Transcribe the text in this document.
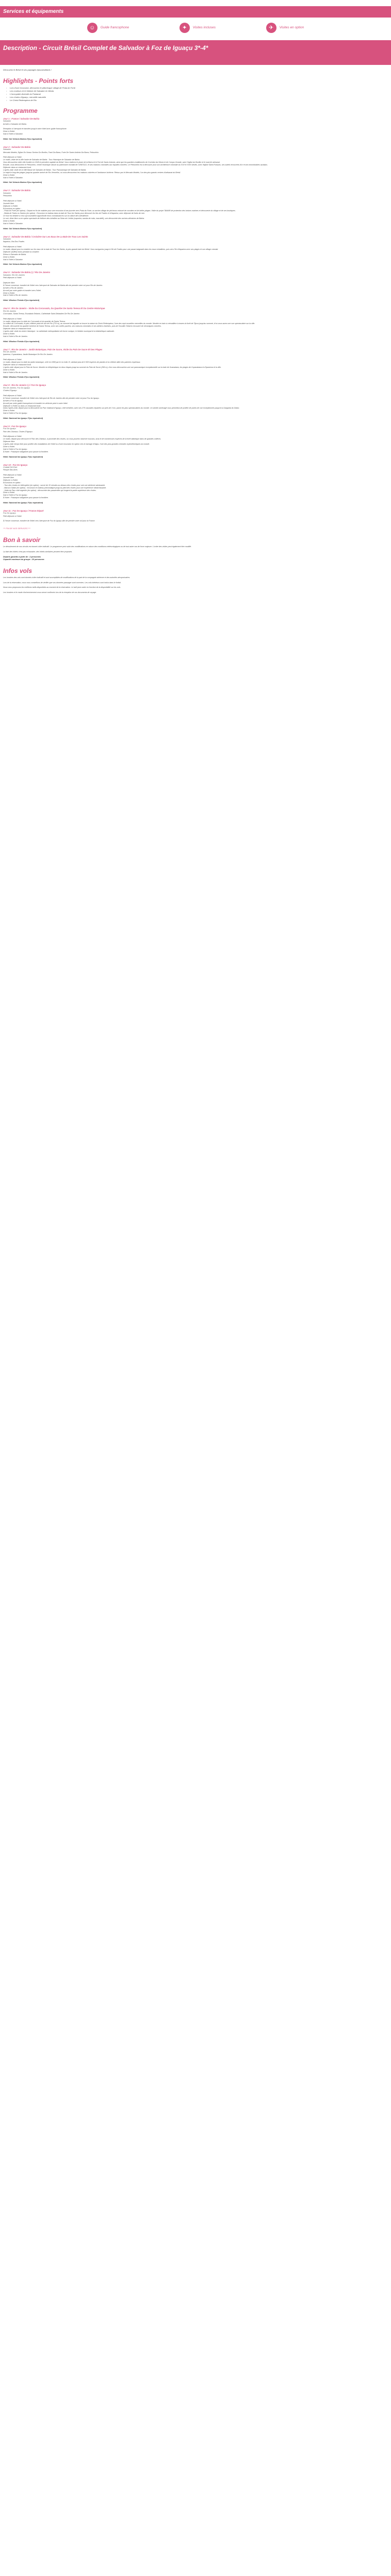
Services et équipements
☺	Guide francophone	✦	Visites incluses	✈	Visites en option
Description - Circuit Brésil Complet de Salvador à Foz de Iguaçu 3*-4*

Découvrez le Brésil et ses paysages époustouflants !

Highlights - Points forts
• Lors d'une excursion, découvrez le pittoresque village de Praia do Forte
• Les couleurs et le folklore de Salvador et Olinda
• L'incroyable diversité du Pantanal
• Les chutes d'Iguaçu, merveille naturelle
• Le Christ Rédempteur de Rio
Programme
Jour 1 : France / Salvador De Bahia
Salvador

Arrivée à Salvador de Bahia.

Réception à l'aéroport et transfert jusqu'à votre hôtel avec guide francophone.

Dîner à l'hôtel.

Nuit à l'hôtel à Salvador.

Hôtel: Sol Victoria Marina 4*(ou équivalent)
Jour 2 : Salvador De Bahia
Salvador

Mercado Modelo, Eglise Do Nosso Senhor Do Bonfim, Farol Da Barra, Forte De Santo Antônio Da Barra, Pelourinho

Petit déjeuner à l'hôtel.

Le matin, visite de la ville haute de Salvador de Bahia : Tour Historique de Salvador de Bahia.

Vous découvrirez cette ville fondée en 1549 et première capitale du Brésil. Vous visiterez le phare de la Barra et le Fort de Santo Antonio, ainsi que les quartiers traditionnels de Corredor da Vitoria et de Campo Grande, avec l'église du Bonfim et le marché artisanal.

Ensuite, vous découvrirez le Pelourinho, centre historique classé au patrimoine mondial de l'UNESCO, et ses maisons coloniales aux façades colorées. Le Pelourinho est à découvrir pour son architecture coloniale du XVII et XVIII siècles, avec l'église Saint-François, ses autels recouverts d'or et ses innombrables azulejos.

Déjeuner dans un restaurant local.

L'après-midi, visite de la Ville Basse de Salvador de Bahia : Tour Panoramique de Salvador de Bahia.

Le trajet le long des plages jusqu'au quartier animé de Rio Vermelho, où vous découvrirez les maisons colorées et l'ambiance bohème. Retour par le Mercado Modelo, l'un des plus grands centres d'artisanat du Brésil.

Dîner à l'hôtel.

Nuit à l'hôtel à Salvador.

Hôtel: Sol Victoria Marina 4*(ou équivalent)
Jour 3 : Salvador De Bahia
Salvador

Pelourinho

Petit déjeuner à l'hôtel.

Journée libre.

Déjeuner à l'hôtel.

Excursions en option :

- Praia do Forte (en option) : Départ en fin de matinée pour une excursion d'une journée vers Praia do Forte, un ancien village de pêcheurs entouré de cocotiers et de belles plages. Visite du projet TAMAR de protection des tortues marines et découverte du village et de ses boutiques.

- Bahia de Todos os Santos (en option) : Excursion en bateau dans la baie de Tous les Saints pour découvrir les îles de Frades et d'Itaparica, avec déjeuner de fruits de mer.

Ce tour est destiné à ceux qui souhaitent approfondir leurs connaissances sur la culture afro-brésilienne.

Le soir, dîner libre ou en option spectacle de folklore afro-brésilien au Solar do Unhão (capoeira, samba de roda, maculelê), une découverte des racines africaines de Bahia.

Dîner à l'hôtel.

Nuit à l'hôtel à Salvador.

Hôtel: Sol Victoria Marina 4*(ou équivalent)
Jour 4 : Salvador De Bahia / Croisière Sur Les Eaux De La Baie De Tous Les Saints
Salvador

Itaparica, Ilha Dos Frades

Petit déjeuner à l'hôtel.

Le matin, départ pour la croisière sur les eaux de la baie de Tous les Saints, la plus grande baie du Brésil. Vous naviguerez jusqu'à l'île de Frades pour une pause baignade dans les eaux cristallines, puis vers l'île d'Itaparica avec ses plages et son village colonial.

Déjeuner (buffet) inclus pendant la croisière.

Retour à Salvador de Bahia.

Dîner à l'hôtel.

Nuit à l'hôtel à Salvador.

Hôtel: Sol Victoria Marina 4*(ou équivalent)
Jour 5 : Salvador De Bahia (-) / Rio De Janeiro
Salvador, Rio De Janeiro

Petit déjeuner à l'hôtel.

Déjeuner libre.

À l'heure convenue, transfert de l'hôtel vers l'aéroport de Salvador de Bahia afin de prendre votre vol pour Rio de Janeiro.

Arrivée à Rio de Janeiro.

Accueil par votre guide et transfert vers l'hôtel.

Dîner à l'hôtel.

Nuit à l'hôtel à Rio de Janeiro.

Hôtel: Windsor Florida 4*(ou équivalent)
Jour 6 : Rio De Janeiro - Visite Du Corcovado, Du Quartier De Santa Teresa Et Du Centre Historique
Rio De Janeiro

Corcovado, Santa Teresa, Escadaria Selarón, Cathédrale Saint-Sébastien De Rio De Janeiro

Petit déjeuner à l'hôtel.

Le matin, départ pour la visite du Corcovado et du quartier de Santa Teresa.

La colline du Corcovado, le plus célèbre point de vue de Rio (710 m), au sommet de laquelle se trouve la statue du Christ Rédempteur, l'une des sept nouvelles merveilles du monde. Montée en train à crémaillère à travers la forêt de Tijuca jusqu'au sommet, d'où vous aurez une vue spectaculaire sur la ville.

Ensuite, découverte du quartier bohème de Santa Teresa, avec ses ruelles pavées, ses maisons coloniales et ses ateliers d'artistes, puis de l'escalier Selarón recouvert de céramiques colorées.

Déjeuner dans un restaurant local.

L'après-midi, visite du centre historique : la cathédrale métropolitaine de forme conique, le théâtre municipal et la bibliothèque nationale.

Dîner à l'hôtel.

Nuit à l'hôtel à Rio de Janeiro.

Hôtel: Windsor Florida 4*(ou équivalent)
Jour 7 : Rio De Janeiro - Jardin Botanique, Pain De Sucre, Visite Du Pain De Sucre Et Des Plages
Rio De Janeiro

Ipanema, Copacabana, Jardin Botanique De Rio De Janeiro

Petit déjeuner à l'hôtel.

Le matin, départ pour la visite du jardin botanique, créé en 1808 par le roi João VI, abritant plus de 6 500 espèces de plantes et la célèbre allée des palmiers impériaux.

Déjeuner dans un restaurant local.

L'après-midi, départ pour le Pain de Sucre. Montée en téléphérique en deux étapes jusqu'au sommet du Pain de Sucre (396 m), d'où vous découvrirez une vue panoramique exceptionnelle sur la baie de Guanabara, les plages de Copacabana et d'Ipanema et la ville.

Dîner à l'hôtel.

Nuit à l'hôtel à Rio de Janeiro.

Hôtel: Windsor Florida 4*(ou équivalent)
Jour 8 : Rio De Janeiro (-) / Foz Do Iguaçu
Rio De Janeiro, Foz Do Iguaçu

Chutes D'Iguaçu

Petit déjeuner à l'hôtel.

À l'heure convenue, transfert de l'hôtel vers l'aéroport de Rio de Janeiro afin de prendre votre vol pour Foz do Iguaçu.

Arrivée à Foz do Iguaçu.

Accueil par votre guide francophone et transfert en véhicule privé à votre hôtel.

Déjeuner à l'hôtel ou dans un restaurant local.

Dans l'après-midi, départ pour la découverte du Parc National d'Iguaçu, côté brésilien, avec ses 275 cascades réparties sur près de 3 km, parmi les plus spectaculaires du monde. Un sentier aménagé vous permettra de profiter de points de vue exceptionnels jusqu'à la Garganta do Diabo.

Dîner à l'hôtel.

Nuit à l'hôtel à Foz do Iguaçu.

Hôtel: Nacional Inn Iguaçu 3*(ou équivalent)
Jour 9 : Foz Do Iguaçu
Foz Do Iguaçu

Parc des Oiseaux, Chutes D'Iguaçu

Petit déjeuner à l'hôtel.

Le matin, départ pour découvrir le Parc des Oiseaux, à proximité des chutes, où vous pourrez observer toucans, aras et de nombreuses espèces de la forêt atlantique dans de grandes volières.

Déjeuner libre.

L'après-midi, temps libre pour profiter des installations de l'hôtel ou d'une excursion en option vers le barrage d'Itaipu, l'une des plus grandes centrales hydroélectriques du monde.

Dîner à l'hôtel.

Nuit à l'hôtel à Foz do Iguaçu.

À Noter : Passeport obligatoire pour passer la frontière.

Hôtel: Nacional Inn Iguaçu 3*(ou équivalent)
Jour 10 : Foz Do Iguaçu
Ciudad Del Este

Parque Das Aves

Petit déjeuner à l'hôtel.

Journée libre.

Déjeuner à l'hôtel.

Excursions en option :

- Tour des chutes en hélicoptère (en option) : survol de 10 minutes au-dessus des chutes pour une vue aérienne saisissante.

- Macuco Safari (en option) : excursion en bateau pneumatique jusqu'au pied des chutes pour une expérience rafraîchissante.

- Visite du Parc côté argentin (en option) : découverte des passerelles qui longent la partie supérieure des chutes.

Dîner à l'hôtel.

Nuit à l'hôtel à Foz do Iguaçu.

À Noter : Passeport obligatoire pour passer la frontière.

Hôtel: Nacional Inn Iguaçu 3*(ou équivalent)
Jour 11 : Foz Do Iguaçu / France Départ
Foz Do Iguaçu

Petit déjeuner à l'hôtel.

À l'heure convenue, transfert de l'hôtel vers l'aéroport de Foz do Iguaçu afin de prendre votre vol pour la France.

*** FIN DE NOS SERVICES ***

Bon à savoir

Le déroulement de nos circuits est donné à titre indicatif. Le programme peut subir des modifications en raison des conditions météorologiques ou de tout autre cas de force majeure. L'ordre des visites peut également être modifié.

La liste des hôtels n'est pas exhaustive, des hôtels similaires peuvent être proposés.

Départs garantis à partir de : 2 personnes

Capacité maximum du groupe : 20 personnes

Infos vols

Les horaires des vols sont donnés à titre indicatif et sont susceptibles de modifications de la part de la compagnie aérienne et des autorités aéroportuaires.

Lors de la réservation, nous vous conseillons de vérifier que vos données passager sont correctes. Les vols intérieurs sont inclus dans le forfait.

Nous vous proposons les meilleurs tarifs disponibles au moment de la réservation. Le tarif peut varier en fonction de la disponibilité sur les vols.

Les horaires et le mode d'acheminement vous seront confirmés lors de la réception de vos documents de voyage.
